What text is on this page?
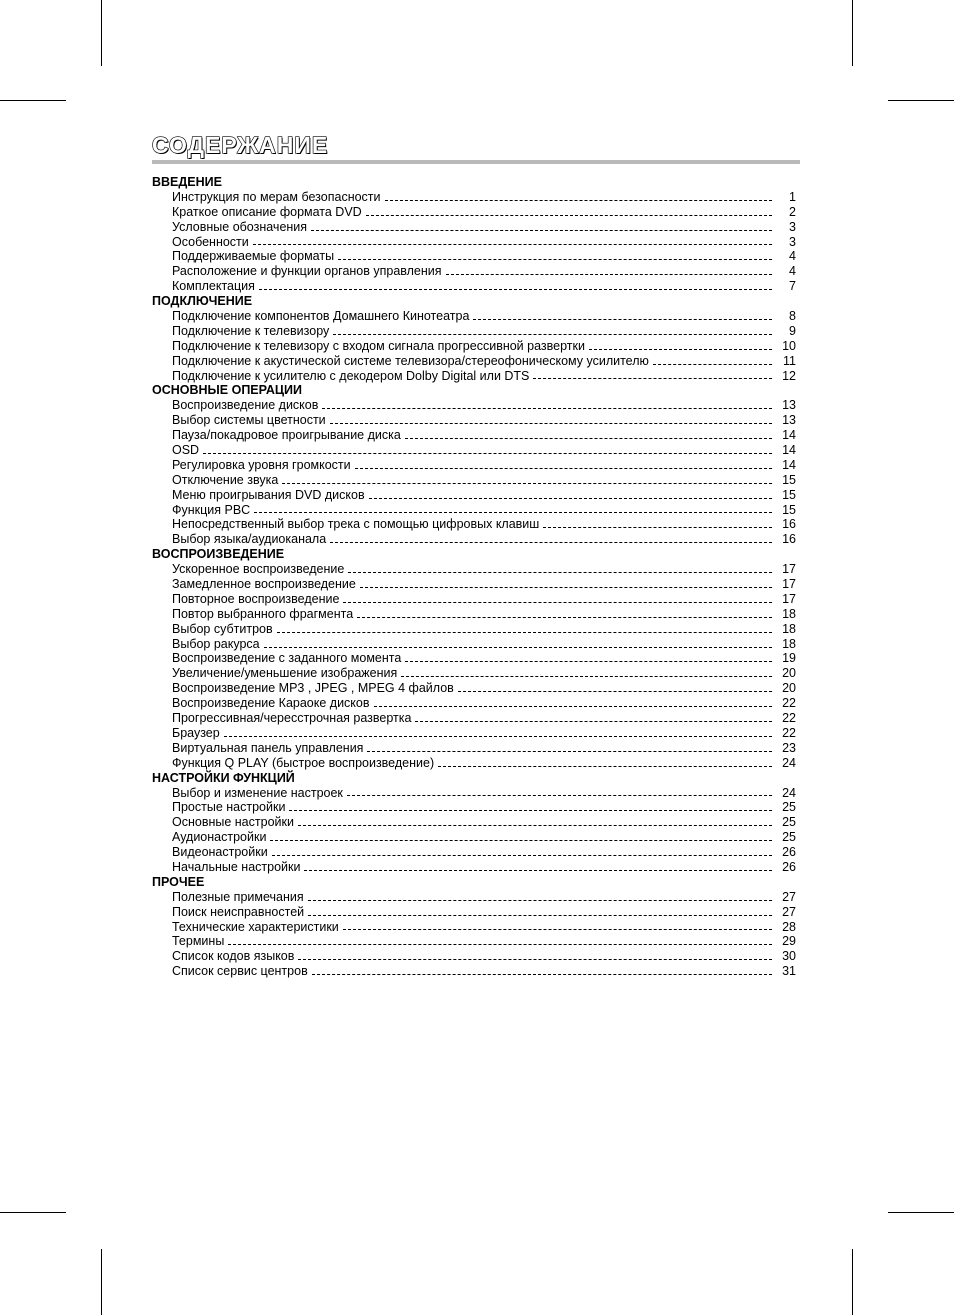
СОДЕРЖАНИЕ
ВВЕДЕНИЕ
Инструкция по мерам безопасности	1
Краткое описание формата DVD	2
Условные обозначения	3
Особенности	3
Поддерживаемые форматы	4
Расположение и функции органов управления	4
Комплектация	7
ПОДКЛЮЧЕНИЕ
Подключение компонентов Домашнего Кинотеатра	8
Подключение к телевизору	9
Подключение к телевизору с входом сигнала прогрессивной развертки	10
Подключение к акустической системе телевизора/стереофоническому усилителю	11
Подключение к усилителю с декодером Dolby Digital или DTS	12
ОСНОВНЫЕ ОПЕРАЦИИ
Воспроизведение дисков	13
Выбор системы цветности	13
Пауза/покадровое проигрывание диска	14
OSD	14
Регулировка уровня громкости	14
Отключение звука	15
Меню проигрывания DVD дисков	15
Функция PBC	15
Непосредственный выбор трека с помощью цифровых клавиш	16
Выбор языка/аудиоканала	16
ВОСПРОИЗВЕДЕНИЕ
Ускоренное воспроизведение	17
Замедленное воспроизведение	17
Повторное воспроизведение	17
Повтор выбранного фрагмента	18
Выбор субтитров	18
Выбор ракурса	18
Воспроизведение с заданного момента	19
Увеличение/уменьшение изображения	20
Воспроизведение MP3 , JPEG , MPEG 4 файлов	20
Воспроизведение Караоке дисков	22
Прогрессивная/чересстрочная развертка	22
Браузер	22
Виртуальная панель управления	23
Функция Q PLAY (быстрое воспроизведение)	24
НАСТРОЙКИ ФУНКЦИЙ
Выбор и изменение настроек	24
Простые настройки	25
Основные настройки	25
Аудионастройки	25
Видеонастройки	26
Начальные настройки	26
ПРОЧЕЕ
Полезные примечания	27
Поиск неисправностей	27
Технические характеристики	28
Термины	29
Список кодов языков	30
Список сервис центров	31
